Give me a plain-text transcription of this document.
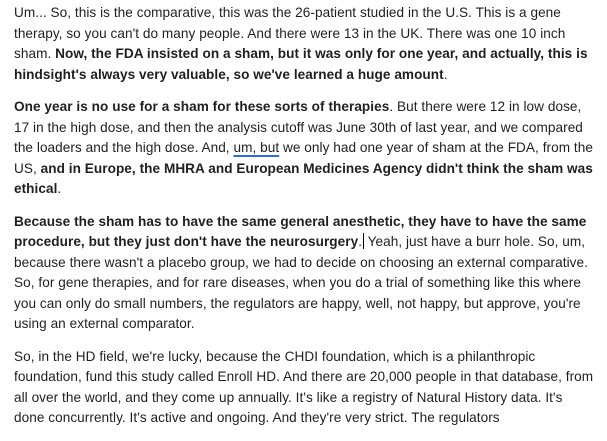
Um... So, this is the comparative, this was the 26-patient studied in the U.S. This is a gene therapy, so you can't do many people. And there were 13 in the UK. There was one 10 inch sham. Now, the FDA insisted on a sham, but it was only for one year, and actually, this is hindsight's always very valuable, so we've learned a huge amount.

One year is no use for a sham for these sorts of therapies. But there were 12 in low dose, 17 in the high dose, and then the analysis cutoff was June 30th of last year, and we compared the loaders and the high dose. And, um, but we only had one year of sham at the FDA, from the US, and in Europe, the MHRA and European Medicines Agency didn't think the sham was ethical.

Because the sham has to have the same general anesthetic, they have to have the same procedure, but they just don't have the neurosurgery. Yeah, just have a burr hole. So, um, because there wasn't a placebo group, we had to decide on choosing an external comparative. So, for gene therapies, and for rare diseases, when you do a trial of something like this where you can only do small numbers, the regulators are happy, well, not happy, but approve, you're using an external comparator.

So, in the HD field, we're lucky, because the CHDI foundation, which is a philanthropic foundation, fund this study called Enroll HD. And there are 20,000 people in that database, from all over the world, and they come up annually. It's like a registry of Natural History data. It's done concurrently. It's active and ongoing. And they're very strict. The regulators
